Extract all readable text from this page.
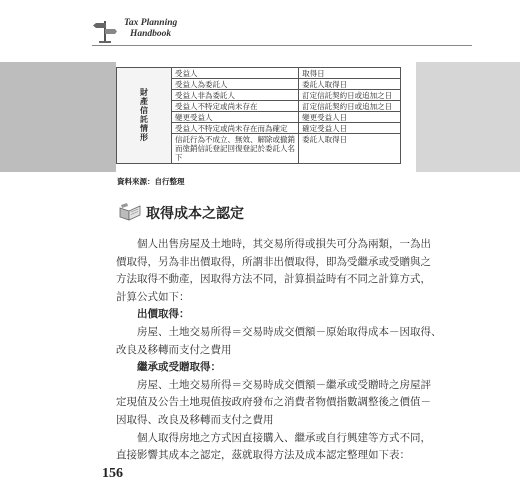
Tax Planning
Handbook
財產信託情形	受益人	取得日
	受益人為委託人	委託人取得日
	受益人非為委託人	訂定信託契約日或追加之日
	受益人不特定或尚未存在	訂定信託契約日或追加之日
	變更受益人	變更受益人日
	受益人不特定或尚未存在而為確定	確定受益人日
	信託行為不成立、無效、解除或撤銷而塗銷信託登記回復登記於委託人名下	委託人取得日
資料來源：自行整理
取得成本之認定
個人出售房屋及土地時，其交易所得或損失可分為兩類，一為出
價取得，另為非出價取得，所謂非出價取得，即為受繼承或受贈與之
方法取得不動產，因取得方法不同，計算損益時有不同之計算方式，
計算公式如下：
出價取得：
房屋、土地交易所得＝交易時成交價額－原始取得成本－因取得、
改良及移轉而支付之費用
繼承或受贈取得：
房屋、土地交易所得＝交易時成交價額－繼承或受贈時之房屋評
定現值及公告土地現值按政府發布之消費者物價指數調整後之價值－
因取得、改良及移轉而支付之費用
個人取得房地之方式因直接購入、繼承或自行興建等方式不同，
直接影響其成本之認定，茲就取得方法及成本認定整理如下表：
156
